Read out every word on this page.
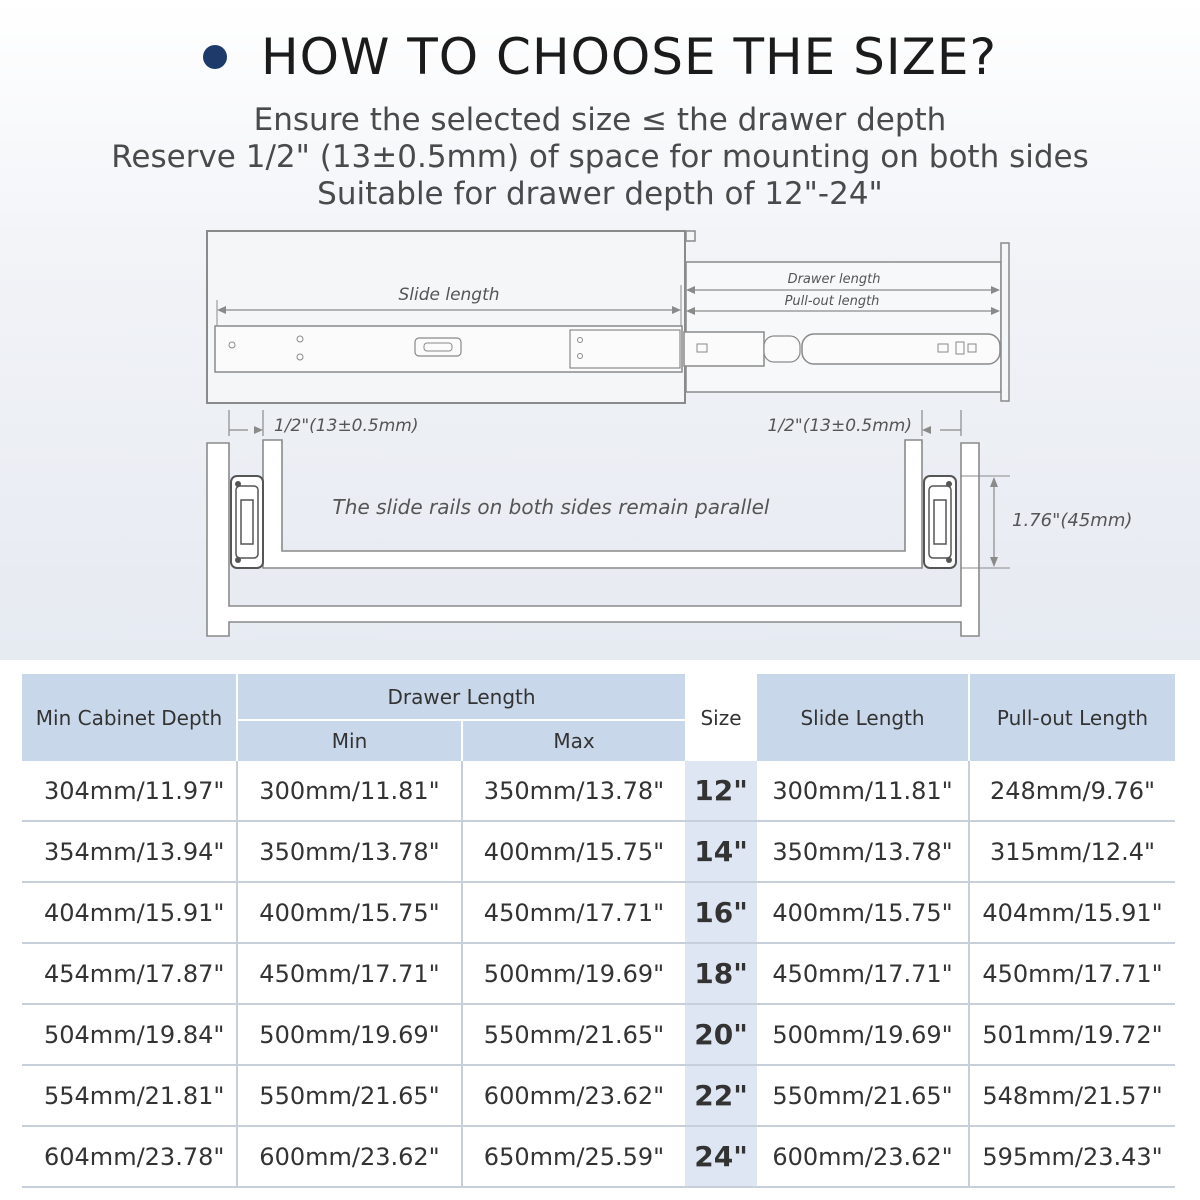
HOW TO CHOOSE THE SIZE?
Ensure the selected size ≤ the drawer depth
Reserve 1/2" (13±0.5mm) of space for mounting on both sides
Suitable for drawer depth of 12"-24"
Slide length
Drawer length
Pull-out length
1/2"(13±0.5mm)	1/2"(13±0.5mm)
The slide rails on both sides remain parallel
1.76"(45mm)
Min Cabinet Depth	Drawer Length		Size	Slide Length	Pull-out Length
	Min	Max			
304mm/11.97"	300mm/11.81"	350mm/13.78"	12"	300mm/11.81"	248mm/9.76"
354mm/13.94"	350mm/13.78"	400mm/15.75"	14"	350mm/13.78"	315mm/12.4"
404mm/15.91"	400mm/15.75"	450mm/17.71"	16"	400mm/15.75"	404mm/15.91"
454mm/17.87"	450mm/17.71"	500mm/19.69"	18"	450mm/17.71"	450mm/17.71"
504mm/19.84"	500mm/19.69"	550mm/21.65"	20"	500mm/19.69"	501mm/19.72"
554mm/21.81"	550mm/21.65"	600mm/23.62"	22"	550mm/21.65"	548mm/21.57"
604mm/23.78"	600mm/23.62"	650mm/25.59"	24"	600mm/23.62"	595mm/23.43"
